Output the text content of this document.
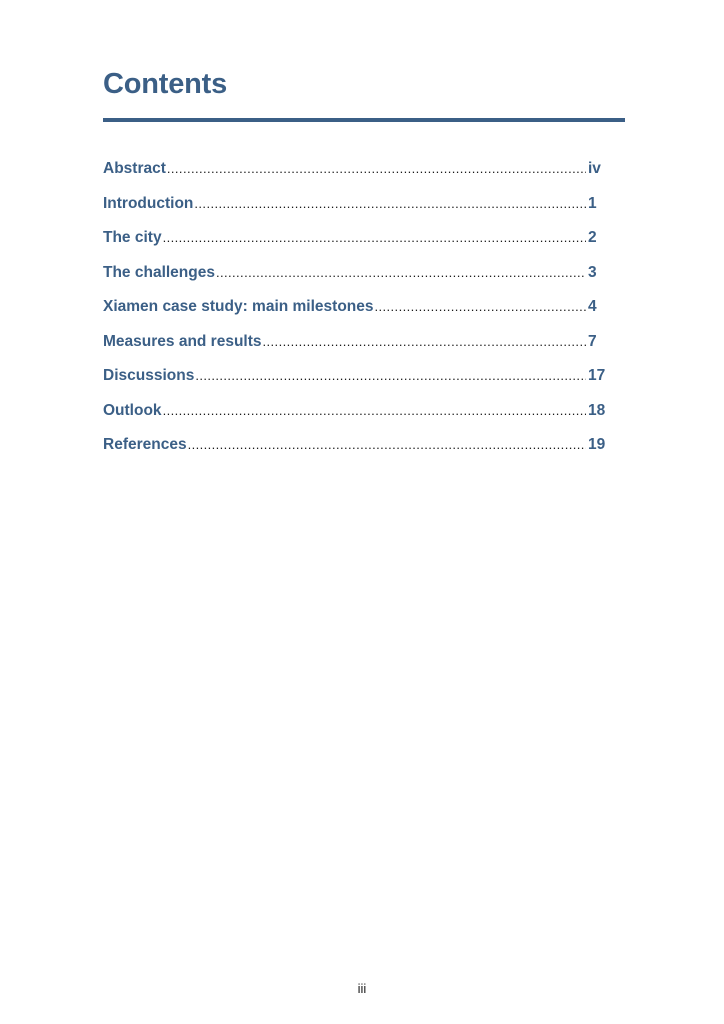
Contents
Abstract .....	iv
Introduction .....	1
The city .....	2
The challenges .....	3
Xiamen case study: main milestones .....	4
Measures and results .....	7
Discussions .....	17
Outlook .....	18
References .....	19
iii
